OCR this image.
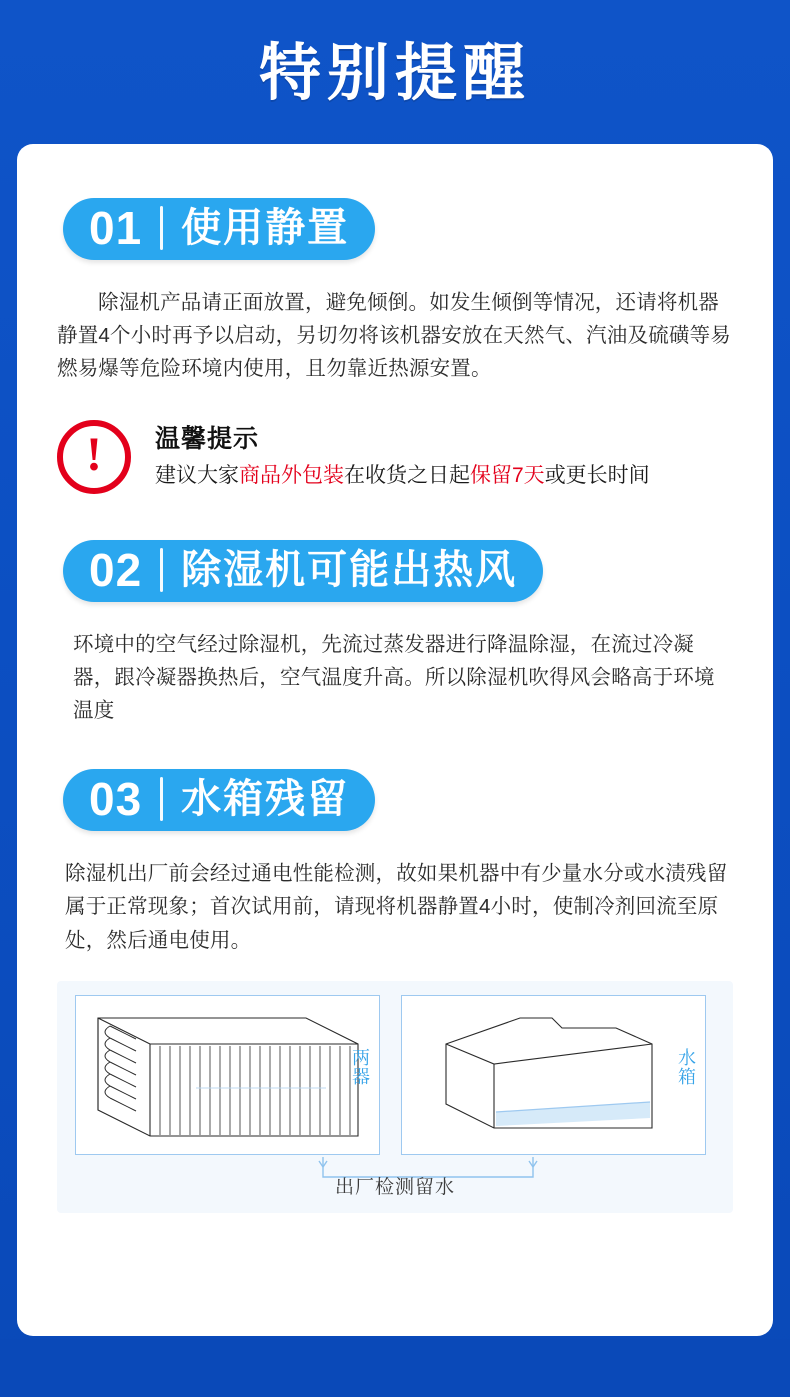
特别提醒
01 使用静置

除湿机产品请正面放置，避免倾倒。如发生倾倒等情况，还请将机器静置4个小时再予以启动，另切勿将该机器安放在天然气、汽油及硫磺等易燃易爆等危险环境内使用，且勿靠近热源安置。

! 温馨提示
建议大家商品外包装在收货之日起保留7天或更长时间
02 除湿机可能出热风

环境中的空气经过除湿机，先流过蒸发器进行降温除湿，在流过冷凝器，跟冷凝器换热后，空气温度升高。所以除湿机吹得风会略高于环境温度

03 水箱残留

除湿机出厂前会经过通电性能检测，故如果机器中有少量水分或水渍残留属于正常现象；首次试用前，请现将机器静置4小时，使制冷剂回流至原处，然后通电使用。

两器	水箱
出厂检测留水
